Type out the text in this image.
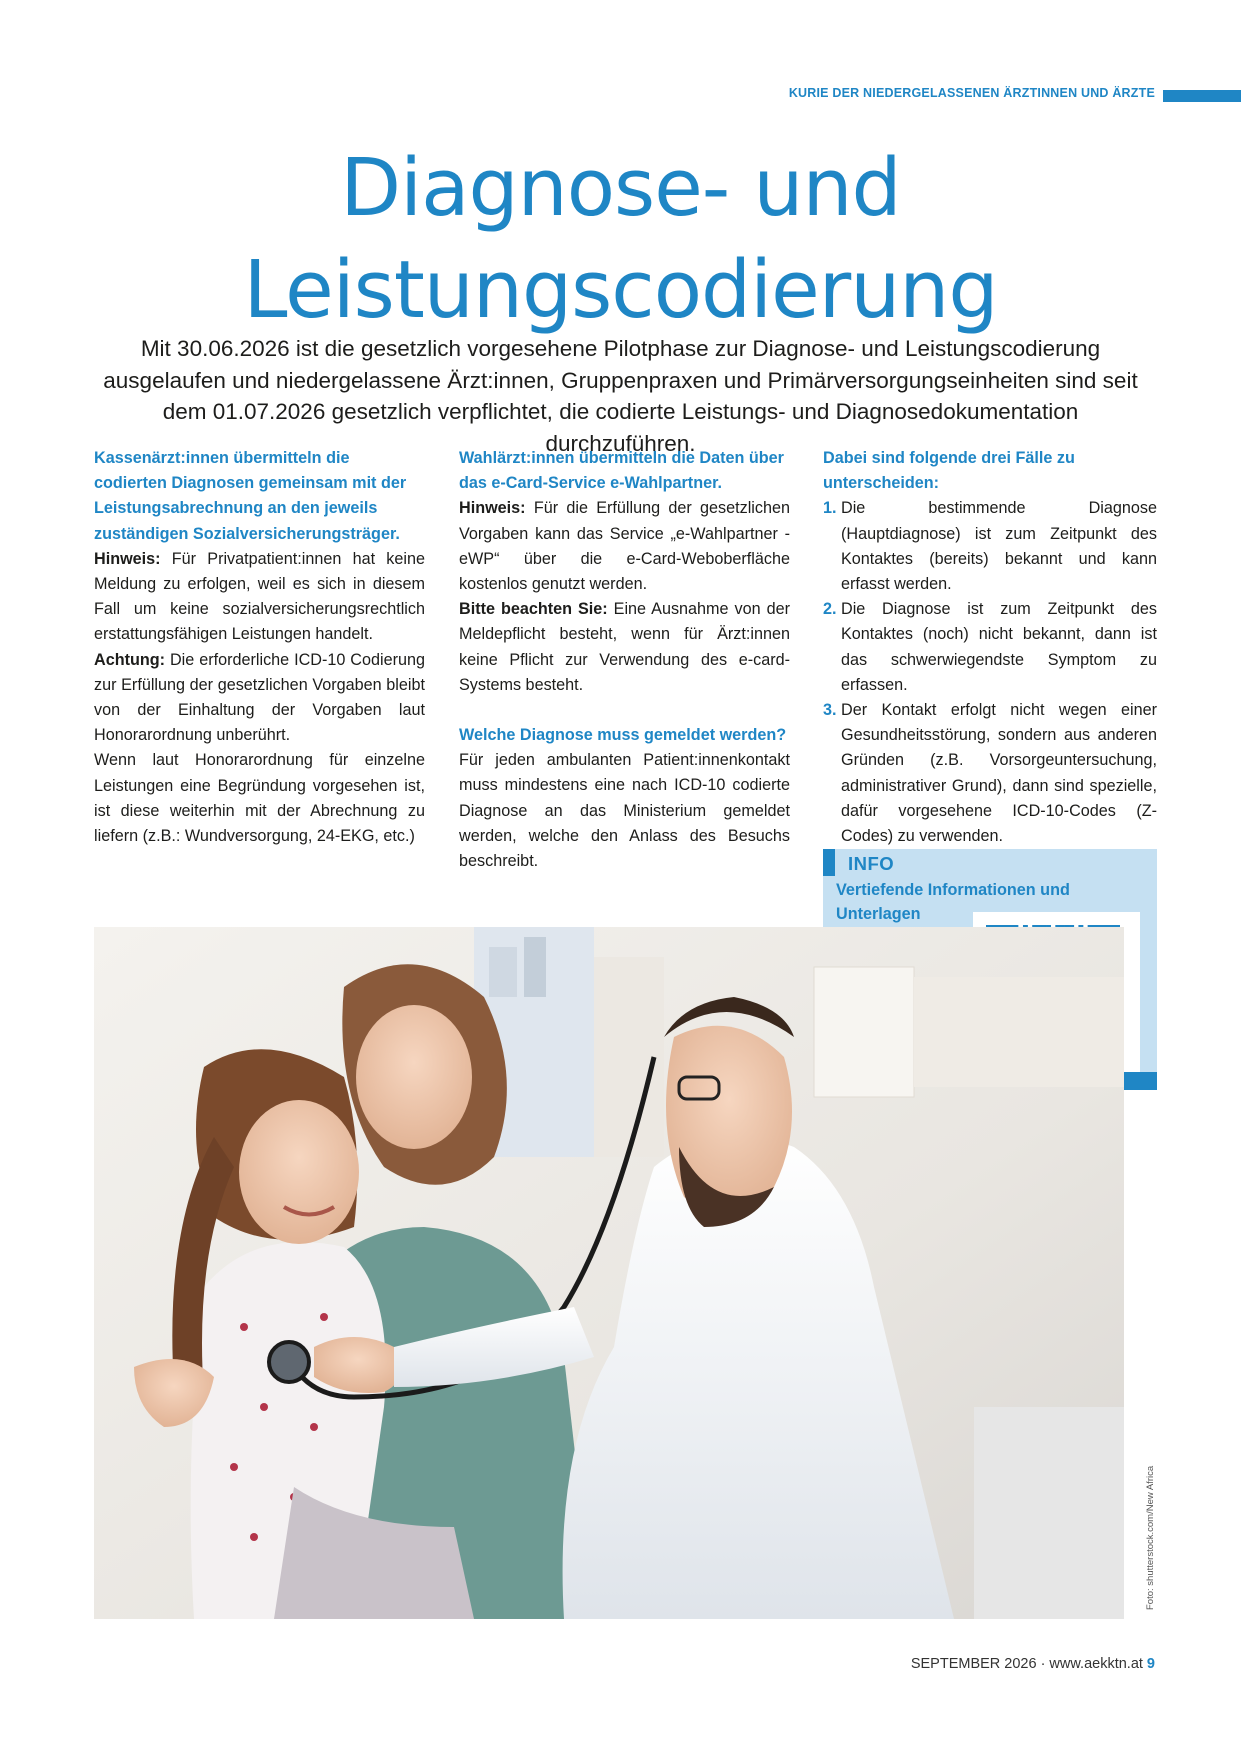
KURIE DER NIEDERGELASSENEN ÄRZTINNEN UND ÄRZTE
Diagnose- und
Leistungscodierung

Mit 30.06.2026 ist die gesetzlich vorgesehene Pilotphase zur Diagnose- und Leistungscodierung ausgelaufen und niedergelassene Ärzt:innen, Gruppenpraxen und Primärversorgungseinheiten sind seit dem 01.07.2026 gesetzlich verpflichtet, die codierte Leistungs- und Diagnosedokumentation durchzuführen.

Kassenärzt:innen übermitteln die codierten Diagnosen gemeinsam mit der Leistungsabrechnung an den jeweils zuständigen Sozialversicherungsträger.

Hinweis: Für Privatpatient:innen hat keine Meldung zu erfolgen, weil es sich in diesem Fall um keine sozialversicherungsrechtlich erstattungsfähigen Leistungen handelt.

Achtung: Die erforderliche ICD-10 Codierung zur Erfüllung der gesetzlichen Vorgaben bleibt von der Einhaltung der Vorgaben laut Honorarordnung unberührt.

Wenn laut Honorarordnung für einzelne Leistungen eine Begründung vorgesehen ist, ist diese weiterhin mit der Abrechnung zu liefern (z.B.: Wundversorgung, 24-EKG, etc.)

Wahlärzt:innen übermitteln die Daten über das e-Card-Service e-Wahlpartner.

Hinweis: Für die Erfüllung der gesetzlichen Vorgaben kann das Service „e-Wahlpartner - eWP“ über die e-Card-Weboberfläche kostenlos genutzt werden.

Bitte beachten Sie: Eine Ausnahme von der Meldepflicht besteht, wenn für Ärzt:innen keine Pflicht zur Verwendung des e-card-Systems besteht.

Welche Diagnose muss gemeldet werden?

Für jeden ambulanten Patient:innenkontakt muss mindestens eine nach ICD-10 codierte Diagnose an das Ministerium gemeldet werden, welche den Anlass des Besuchs beschreibt.

Dabei sind folgende drei Fälle zu unterscheiden:

1. Die bestimmende Diagnose (Hauptdiagnose) ist zum Zeitpunkt des Kontaktes (bereits) bekannt und kann erfasst werden.
2. Die Diagnose ist zum Zeitpunkt des Kontaktes (noch) nicht bekannt, dann ist das schwerwiegendste Symptom zu erfassen.
3. Der Kontakt erfolgt nicht wegen einer Gesundheitsstörung, sondern aus anderen Gründen (z.B. Vorsorgeuntersuchung, administrativer Grund), dann sind spezielle, dafür vorgesehene ICD-10-Codes (Z-Codes) zu verwenden.
INFO
Vertiefende Informationen und
Unterlagen
Foto: shutterstock.com/New Africa
SEPTEMBER 2026 · www.aekktn.at 9
